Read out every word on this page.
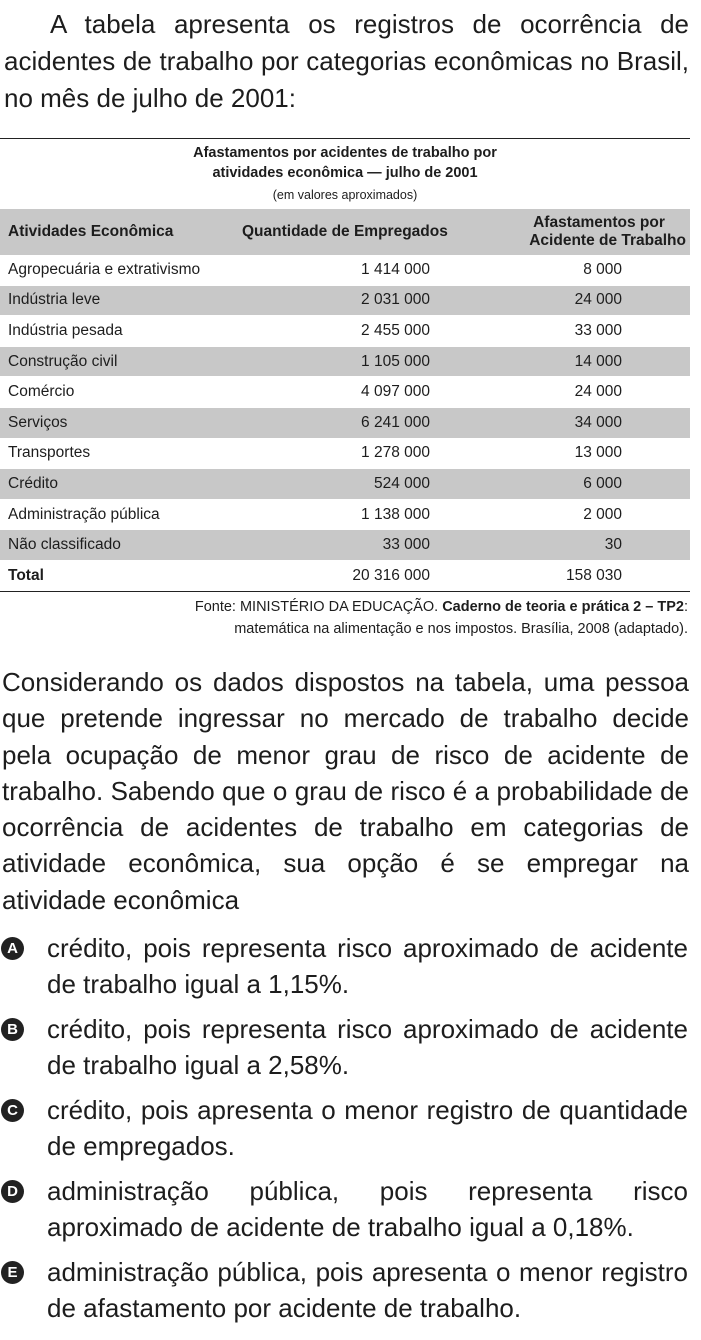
A tabela apresenta os registros de ocorrência de acidentes de trabalho por categorias econômicas no Brasil, no mês de julho de 2001:

Afastamentos por acidentes de trabalho por
atividades econômica — julho de 2001
(em valores aproximados)
Atividades Econômica	Quantidade de Empregados	Afastamentos por
Acidente de Trabalho

Agropecuária e extrativismo	1 414 000	8 000
Indústria leve	2 031 000	24 000
Indústria pesada	2 455 000	33 000
Construção civil	1 105 000	14 000
Comércio	4 097 000	24 000
Serviços	6 241 000	34 000
Transportes	1 278 000	13 000
Crédito	524 000	6 000
Administração pública	1 138 000	2 000
Não classificado	33 000	30
Total	20 316 000	158 030
Fonte: MINISTÉRIO DA EDUCAÇÃO. Caderno de teoria e prática 2 – TP2:
matemática na alimentação e nos impostos. Brasília, 2008 (adaptado).

Considerando os dados dispostos na tabela, uma pessoa que pretende ingressar no mercado de trabalho decide pela ocupação de menor grau de risco de acidente de trabalho. Sabendo que o grau de risco é a probabilidade de ocorrência de acidentes de trabalho em categorias de atividade econômica, sua opção é se empregar na atividade econômica

A crédito, pois representa risco aproximado de acidente de trabalho igual a 1,15%.
B crédito, pois representa risco aproximado de acidente de trabalho igual a 2,58%.
C crédito, pois apresenta o menor registro de quantidade de empregados.
D administração pública, pois representa risco aproximado de acidente de trabalho igual a 0,18%.
E administração pública, pois apresenta o menor registro de afastamento por acidente de trabalho.
